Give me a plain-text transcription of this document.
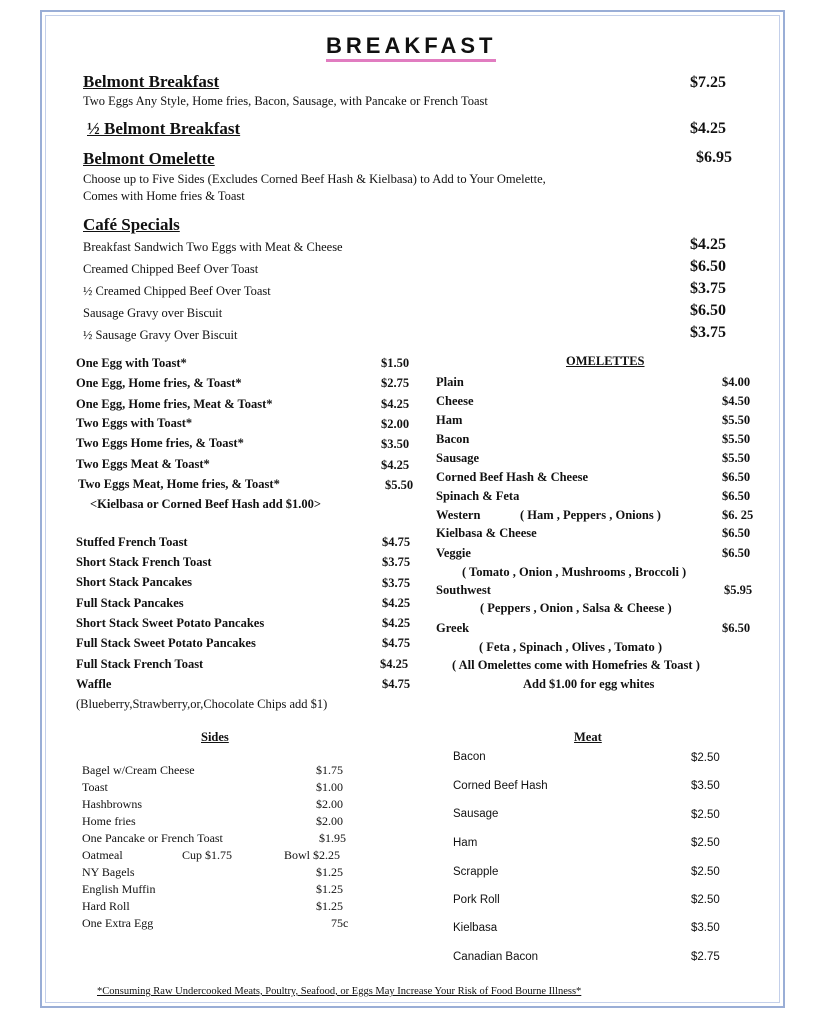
BREAKFAST
Belmont Breakfast	$7.25
Two Eggs Any Style, Home fries, Bacon, Sausage, with Pancake or French Toast
½ Belmont Breakfast	$4.25
Belmont Omelette	$6.95
Choose up to Five Sides (Excludes Corned Beef Hash & Kielbasa) to Add to Your Omelette,
Comes with Home fries & Toast
Café Specials
Breakfast Sandwich Two Eggs with Meat & Cheese	$4.25
Creamed Chipped Beef Over Toast	$6.50
½ Creamed Chipped Beef Over Toast	$3.75
Sausage Gravy over Biscuit	$6.50
½ Sausage Gravy Over Biscuit	$3.75
One Egg with Toast*	$1.50
One Egg, Home fries, & Toast*	$2.75
One Egg, Home fries, Meat & Toast*	$4.25
Two Eggs with Toast*	$2.00
Two Eggs Home fries, & Toast*	$3.50
Two Eggs Meat & Toast*	$4.25
Two Eggs Meat, Home fries, & Toast*	$5.50
<Kielbasa or Corned Beef Hash add $1.00>
Stuffed French Toast	$4.75
Short Stack French Toast	$3.75
Short Stack Pancakes	$3.75
Full Stack Pancakes	$4.25
Short Stack Sweet Potato Pancakes	$4.25
Full Stack Sweet Potato Pancakes	$4.75
Full Stack French Toast	$4.25
Waffle	$4.75
(Blueberry,Strawberry,or,Chocolate Chips add $1)
OMELETTES
Plain	$4.00
Cheese	$4.50
Ham	$5.50
Bacon	$5.50
Sausage	$5.50
Corned Beef Hash & Cheese	$6.50
Spinach & Feta	$6.50
Western	( Ham , Peppers , Onions )	$6. 25
Kielbasa & Cheese	$6.50
Veggie	$6.50
( Tomato , Onion , Mushrooms , Broccoli )
Southwest	$5.95
( Peppers , Onion , Salsa & Cheese )
Greek	$6.50
( Feta , Spinach , Olives , Tomato )
( All Omelettes come with Homefries & Toast )
Add $1.00 for egg whites
Sides
Bagel w/Cream Cheese	$1.75
Toast	$1.00
Hashbrowns	$2.00
Home fries	$2.00
One Pancake or French Toast	$1.95
Oatmeal	Cup $1.75	Bowl $2.25
NY Bagels	$1.25
English Muffin	$1.25
Hard Roll	$1.25
One Extra Egg	75c
Meat
Bacon	$2.50
Corned Beef Hash	$3.50
Sausage	$2.50
Ham	$2.50
Scrapple	$2.50
Pork Roll	$2.50
Kielbasa	$3.50
Canadian Bacon	$2.75
*Consuming Raw Undercooked Meats, Poultry, Seafood, or Eggs May Increase Your Risk of Food Bourne Illness*
